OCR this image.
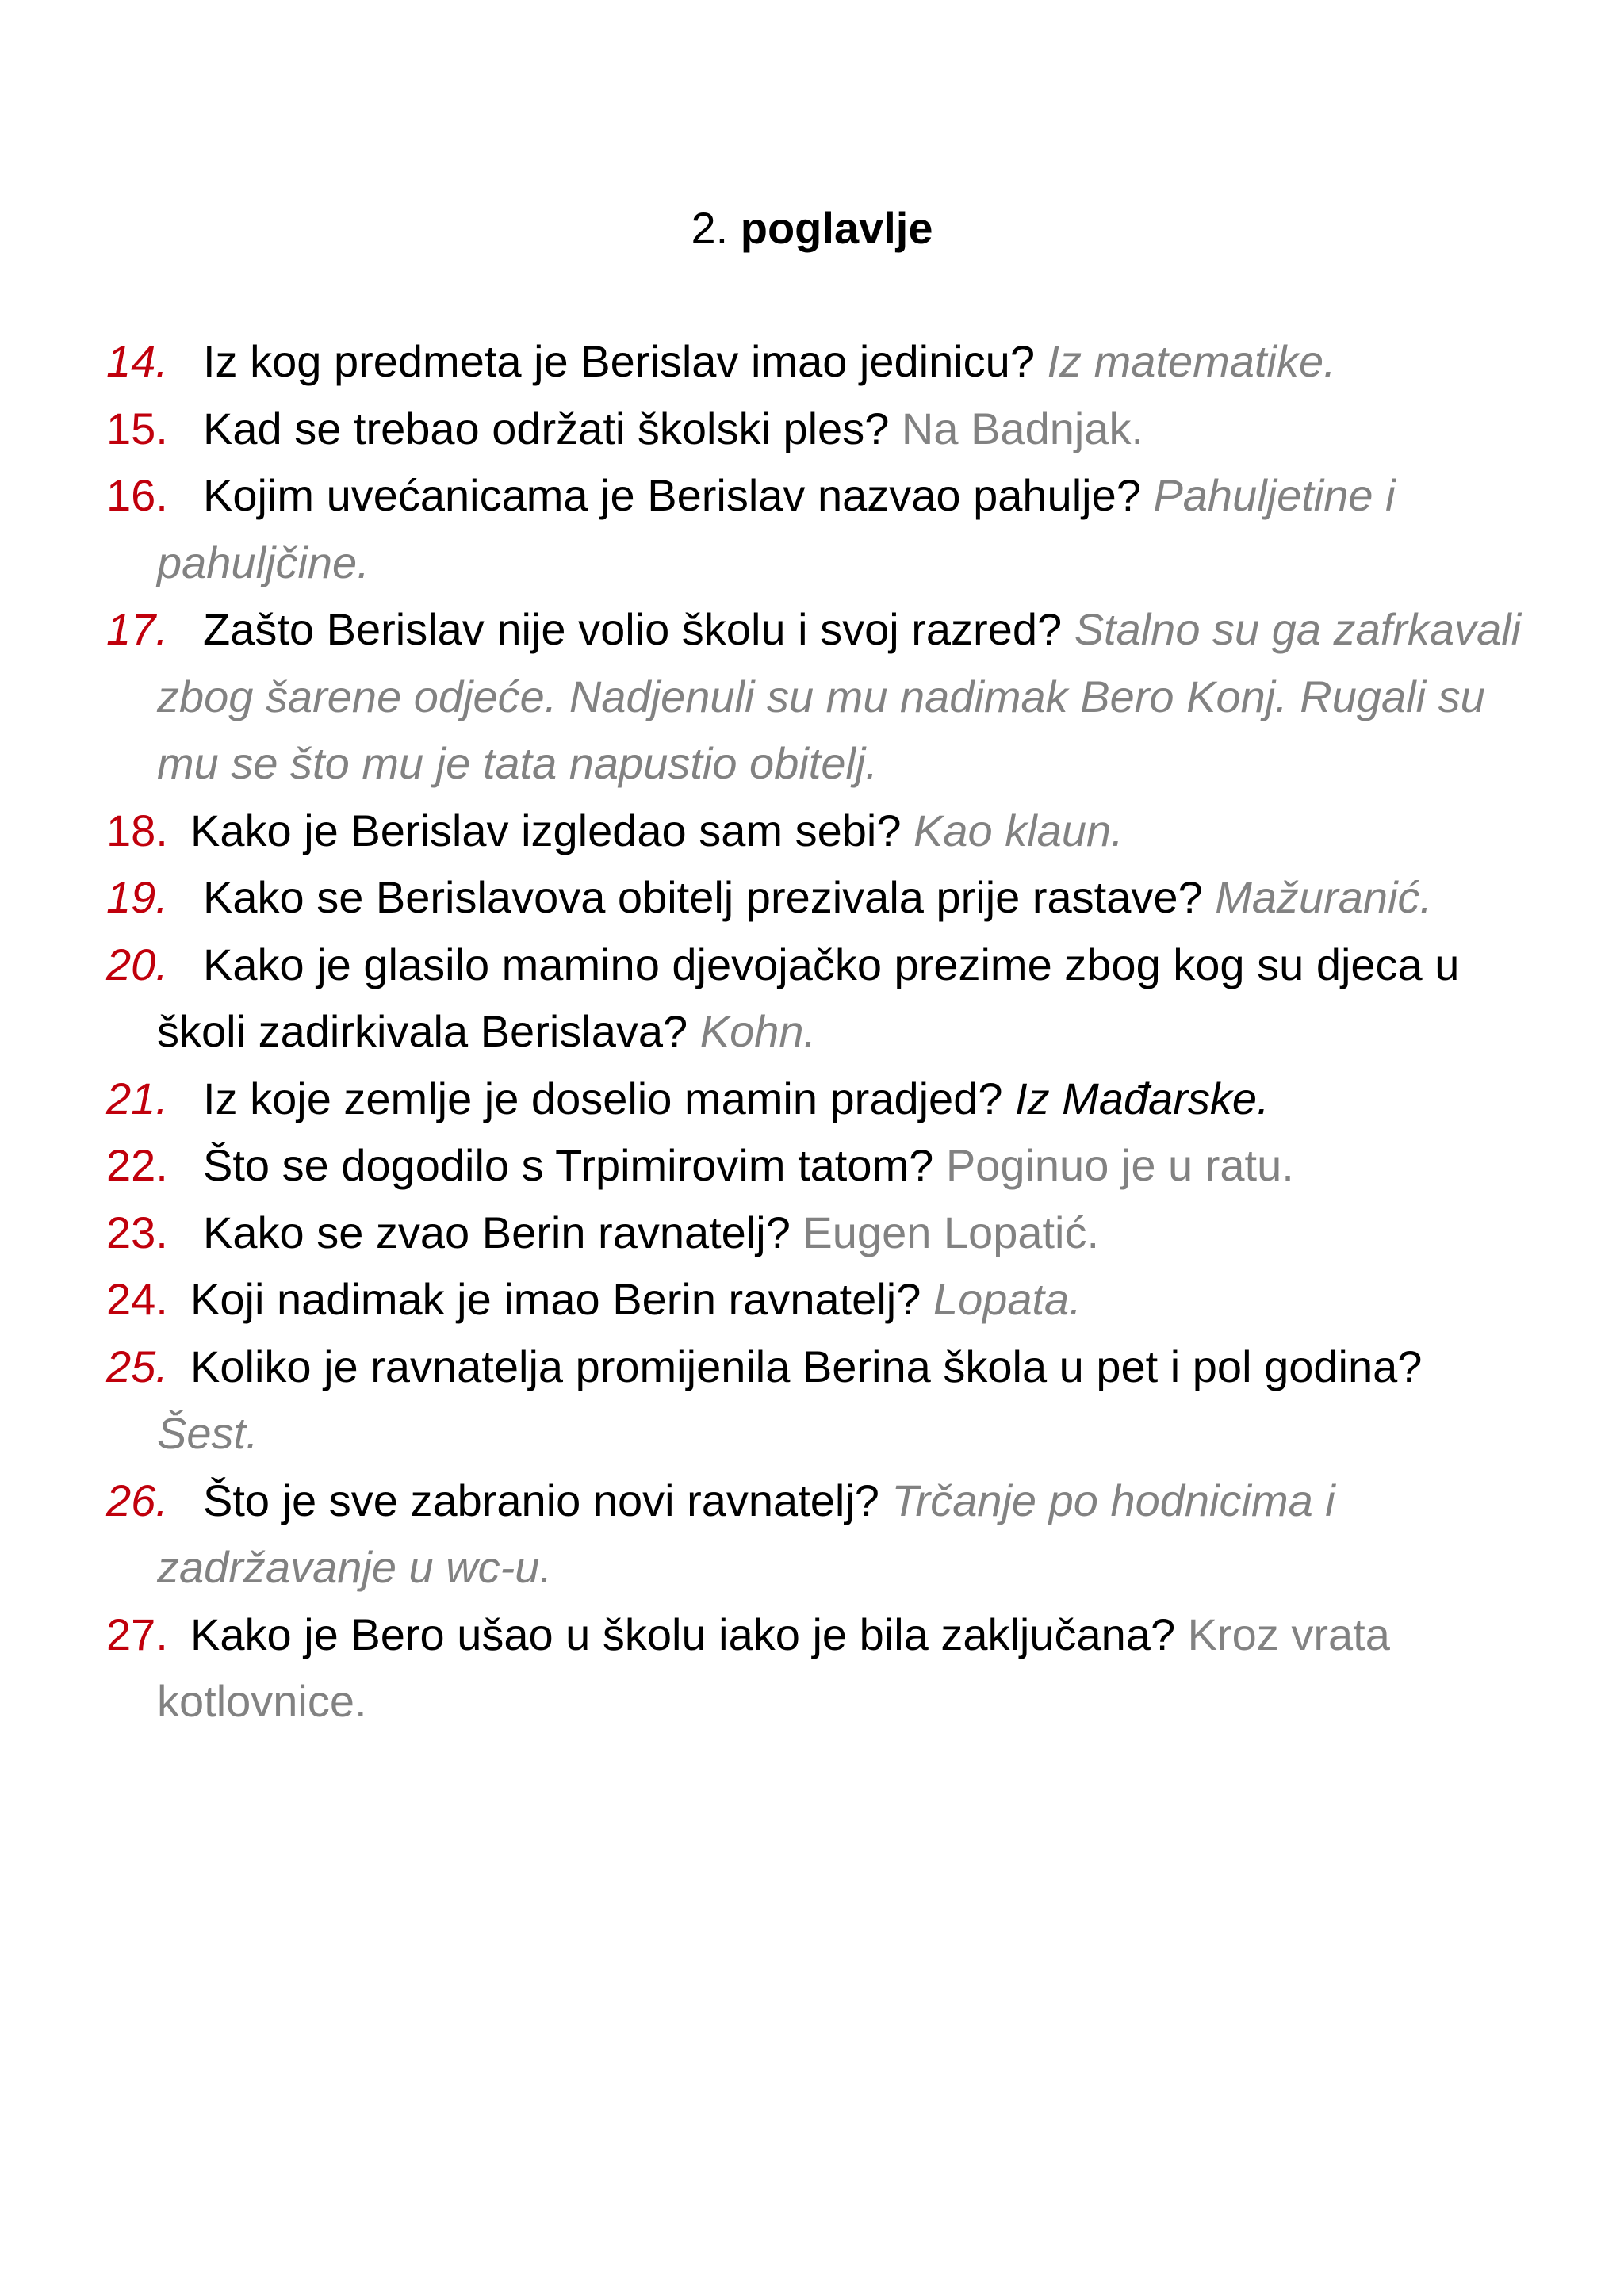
2. poglavlje
14. Iz kog predmeta je Berislav imao jedinicu? Iz matematike.
15. Kad se trebao održati školski ples? Na Badnjak.
16. Kojim uvećanicama je Berislav nazvao pahulje? Pahuljetine i pahuljčine.
17. Zašto Berislav nije volio školu i svoj razred? Stalno su ga zafrkavali zbog šarene odjeće. Nadjenuli su mu nadimak Bero Konj. Rugali su mu se što mu je tata napustio obitelj.
18. Kako je Berislav izgledao sam sebi? Kao klaun.
19. Kako se Berislavova obitelj prezivala prije rastave? Mažuranić.
20. Kako je glasilo mamino djevojačko prezime zbog kog su djeca u školi zadirkivala Berislava? Kohn.
21. Iz koje zemlje je doselio mamin pradjed? Iz Mađarske.
22. Što se dogodilo s Trpimirovim tatom? Poginuo je u ratu.
23. Kako se zvao Berin ravnatelj? Eugen Lopatić.
24. Koji nadimak je imao Berin ravnatelj? Lopata.
25. Koliko je ravnatelja promijenila Berina škola u pet i pol godina? Šest.
26. Što je sve zabranio novi ravnatelj? Trčanje po hodnicima i zadržavanje u wc-u.
27. Kako je Bero ušao u školu iako je bila zaključana? Kroz vrata kotlovnice.
